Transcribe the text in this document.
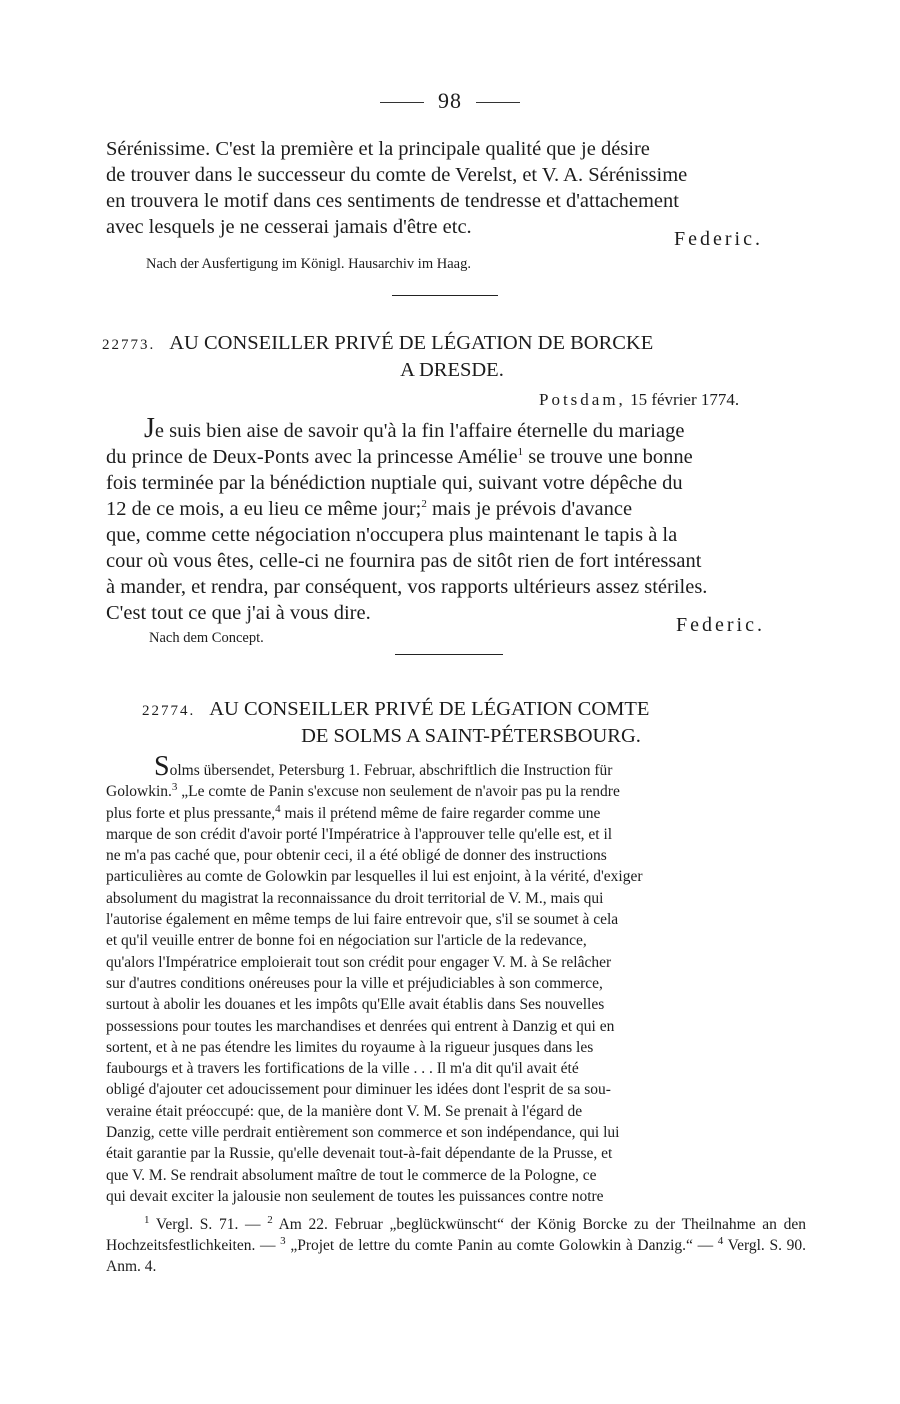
98

Sérénissime. C'est la première et la principale qualité que je désire

de trouver dans le successeur du comte de Verelst, et V. A. Sérénissime

en trouvera le motif dans ces sentiments de tendresse et d'attachement

avec lesquels je ne cesserai jamais d'être etc.

Federic.
Nach der Ausfertigung im Königl. Hausarchiv im Haag.
22773. AU CONSEILLER PRIVÉ DE LÉGATION DE BORCKE
A DRESDE.
Potsdam, 15 février 1774.

Je suis bien aise de savoir qu'à la fin l'affaire éternelle du mariage

du prince de Deux-Ponts avec la princesse Amélie$^1$ se trouve une bonne

fois terminée par la bénédiction nuptiale qui, suivant votre dépêche du

12 de ce mois, a eu lieu ce même jour;$^2$ mais je prévois d'avance

que, comme cette négociation n'occupera plus maintenant le tapis à la

cour où vous êtes, celle-ci ne fournira pas de sitôt rien de fort intéressant

à mander, et rendra, par conséquent, vos rapports ultérieurs assez stériles.

C'est tout ce que j'ai à vous dire.

Federic.
Nach dem Concept.
22774. AU CONSEILLER PRIVÉ DE LÉGATION COMTE
DE SOLMS A SAINT-PÉTERSBOURG.

Solms übersendet, Petersburg 1. Februar, abschriftlich die Instruction für

Golowkin.$^3$ „Le comte de Panin s'excuse non seulement de n'avoir pas pu la rendre

plus forte et plus pressante,$^4$ mais il prétend même de faire regarder comme une

marque de son crédit d'avoir porté l'Impératrice à l'approuver telle qu'elle est, et il

ne m'a pas caché que, pour obtenir ceci, il a été obligé de donner des instructions

particulières au comte de Golowkin par lesquelles il lui est enjoint, à la vérité, d'exiger

absolument du magistrat la reconnaissance du droit territorial de V. M., mais qui

l'autorise également en même temps de lui faire entrevoir que, s'il se soumet à cela

et qu'il veuille entrer de bonne foi en négociation sur l'article de la redevance,

qu'alors l'Impératrice emploierait tout son crédit pour engager V. M. à Se relâcher

sur d'autres conditions onéreuses pour la ville et préjudiciables à son commerce,

surtout à abolir les douanes et les impôts qu'Elle avait établis dans Ses nouvelles

possessions pour toutes les marchandises et denrées qui entrent à Danzig et qui en

sortent, et à ne pas étendre les limites du royaume à la rigueur jusques dans les

faubourgs et à travers les fortifications de la ville . . . Il m'a dit qu'il avait été

obligé d'ajouter cet adoucissement pour diminuer les idées dont l'esprit de sa sou-

veraine était préoccupé: que, de la manière dont V. M. Se prenait à l'égard de

Danzig, cette ville perdrait entièrement son commerce et son indépendance, qui lui

était garantie par la Russie, qu'elle devenait tout-à-fait dépendante de la Prusse, et

que V. M. Se rendrait absolument maître de tout le commerce de la Pologne, ce

qui devait exciter la jalousie non seulement de toutes les puissances contre notre

$^1$ Vergl. S. 71. — $^2$ Am 22. Februar „beglückwünscht“ der König Borcke zu der Theilnahme an den Hochzeitsfestlichkeiten. — $^3$ „Projet de lettre du comte Panin au comte Golowkin à Danzig.“ — $^4$ Vergl. S. 90. Anm. 4.
